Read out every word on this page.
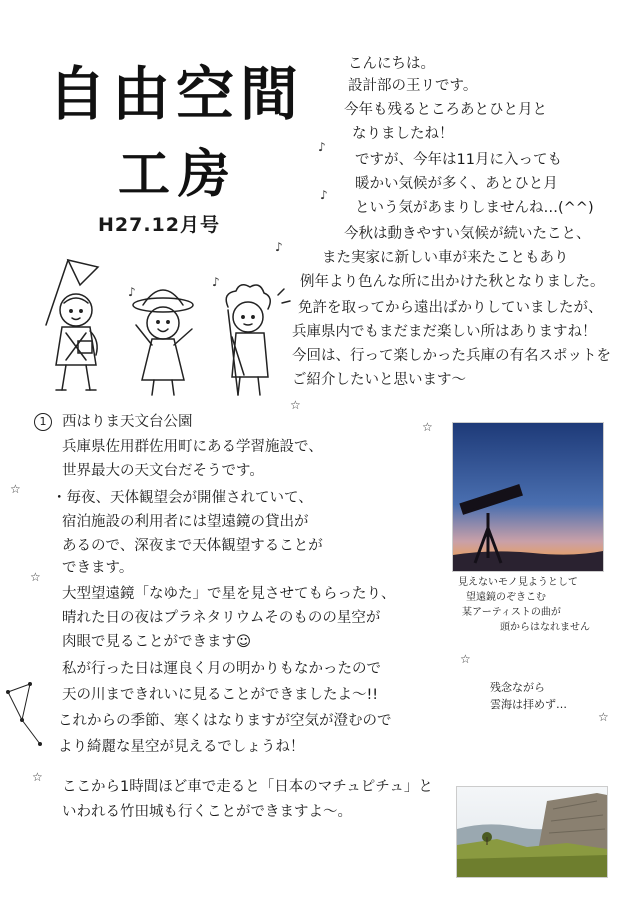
自由空間
工房
H27.12月号
♪
♪
♪
♪
♪
☆
☆
☆
☆
☆
☆
☆
こんにちは。
設計部の王リです。
今年も残るところあとひと月と
なりましたね！
ですが、今年は11月に入っても
暖かい気候が多く、あとひと月
という気があまりしませんね…(^^)
今秋は動きやすい気候が続いたこと、
また実家に新しい車が来たこともあり
例年より色んな所に出かけた秋となりました。
免許を取ってから遠出ばかりしていましたが、
兵庫県内でもまだまだ楽しい所はありますね！
今回は、行って楽しかった兵庫の有名スポットを
ご紹介したいと思います〜
1	西はりま天文台公園
兵庫県佐用群佐用町にある学習施設で、
世界最大の天文台だそうです。
・毎夜、天体観望会が開催されていて、
宿泊施設の利用者には望遠鏡の貸出が
あるので、深夜まで天体観望することが
できます。
大型望遠鏡「なゆた」で星を見させてもらったり、
晴れた日の夜はプラネタリウムそのものの星空が
肉眼で見ることができます☺
私が行った日は運良く月の明かりもなかったので
天の川まできれいに見ることができましたよ〜!!
これからの季節、寒くはなりますが空気が澄むので
より綺麗な星空が見えるでしょうね！
ここから1時間ほど車で走ると「日本のマチュピチュ」と
いわれる竹田城も行くことができますよ〜。
見えないモノ見ようとして
望遠鏡のぞきこむ
某アーティストの曲が
頭からはなれません
残念ながら
雲海は拝めず…
